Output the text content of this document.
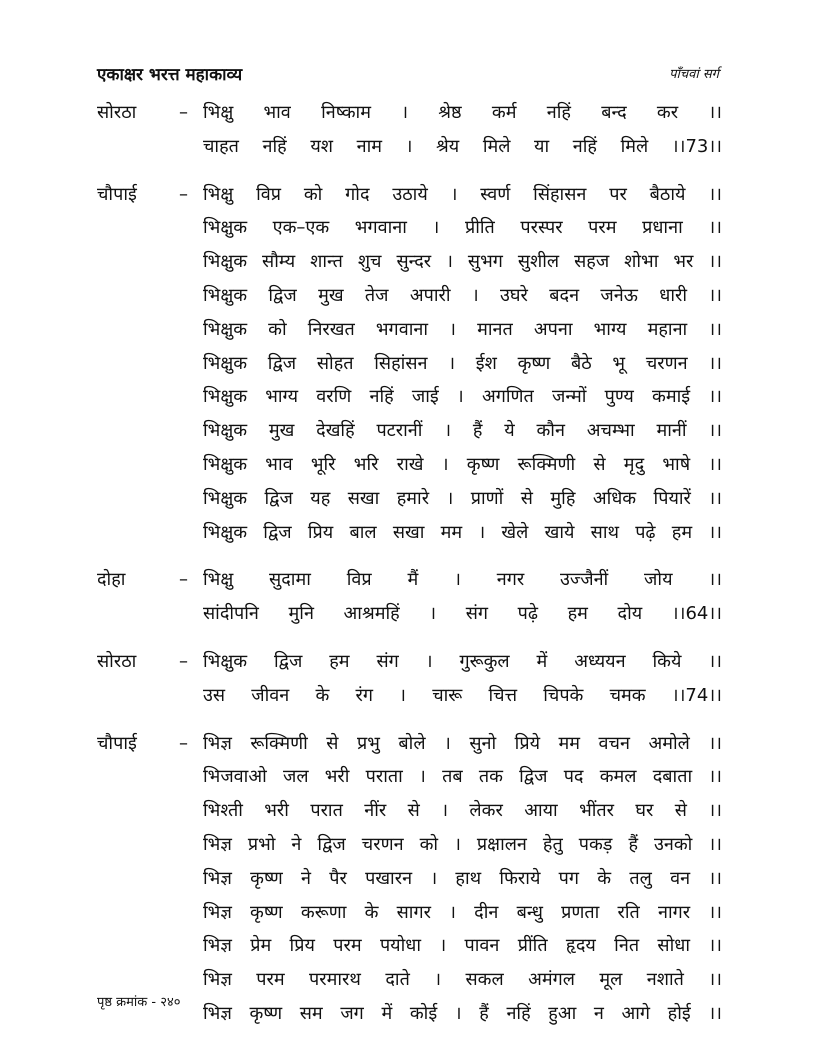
एकाक्षर भरत्त महाकाव्य	पाँचवां सर्ग
सोरठा – भिक्षु भाव निष्काम । श्रेष्ठ कर्म नहिं बन्द कर ।।
चाहत नहिं यश नाम । श्रेय मिले या नहिं मिले ।।73।।
चौपाई – भिक्षु विप्र को गोद उठाये । स्वर्ण सिंहासन पर बैठाये ।।
भिक्षुक एक–एक भगवाना । प्रीति परस्पर परम प्रधाना ।।
भिक्षुक सौम्य शान्त शुच सुन्दर । सुभग सुशील सहज शोभा भर ।।
भिक्षुक द्विज मुख तेज अपारी । उघरे बदन जनेऊ धारी ।।
भिक्षुक को निरखत भगवाना । मानत अपना भाग्य महाना ।।
भिक्षुक द्विज सोहत सिहांसन । ईश कृष्ण बैठे भू चरणन ।।
भिक्षुक भाग्य वरणि नहिं जाई । अगणित जन्मों पुण्य कमाई ।।
भिक्षुक मुख देखहिं पटरानीं । हैं ये कौन अचम्भा मानीं ।।
भिक्षुक भाव भूरि भरि राखे । कृष्ण रूक्मिणी से मृदु भाषे ।।
भिक्षुक द्विज यह सखा हमारे । प्राणों से मुहि अधिक पियारें ।।
भिक्षुक द्विज प्रिय बाल सखा मम । खेले खाये साथ पढ़े हम ।।
दोहा	– भिक्षु सुदामा विप्र मैं । नगर उज्जैनीं जोय ।।
सांदीपनि मुनि आश्रमहिं । संग पढ़े हम दोय ।।64।।
सोरठा – भिक्षुक द्विज हम संग । गुरूकुल में अध्ययन किये ।।
उस जीवन के रंग । चारू चित्त चिपके चमक ।।74।।
चौपाई – भिज्ञ रूक्मिणी से प्रभु बोले । सुनो प्रिये मम वचन अमोले ।।
भिजवाओ जल भरी पराता । तब तक द्विज पद कमल दबाता ।।
भिश्ती भरी परात नींर से । लेकर आया भींतर घर से ।।
भिज्ञ प्रभो ने द्विज चरणन को । प्रक्षालन हेतु पकड़ हैं उनको ।।
भिज्ञ कृष्ण ने पैर पखारन । हाथ फिराये पग के तलु वन ।।
भिज्ञ कृष्ण करूणा के सागर । दीन बन्धु प्रणता रति नागर ।।
भिज्ञ प्रेम प्रिय परम पयोधा । पावन प्रींति हृदय नित सोधा ।।
भिज्ञ परम परमारथ दाते । सकल अमंगल मूल नशाते ।।
भिज्ञ कृष्ण सम जग में कोई । हैं नहिं हुआ न आगे होई ।।
पृष्ठ क्रमांक - २४०
